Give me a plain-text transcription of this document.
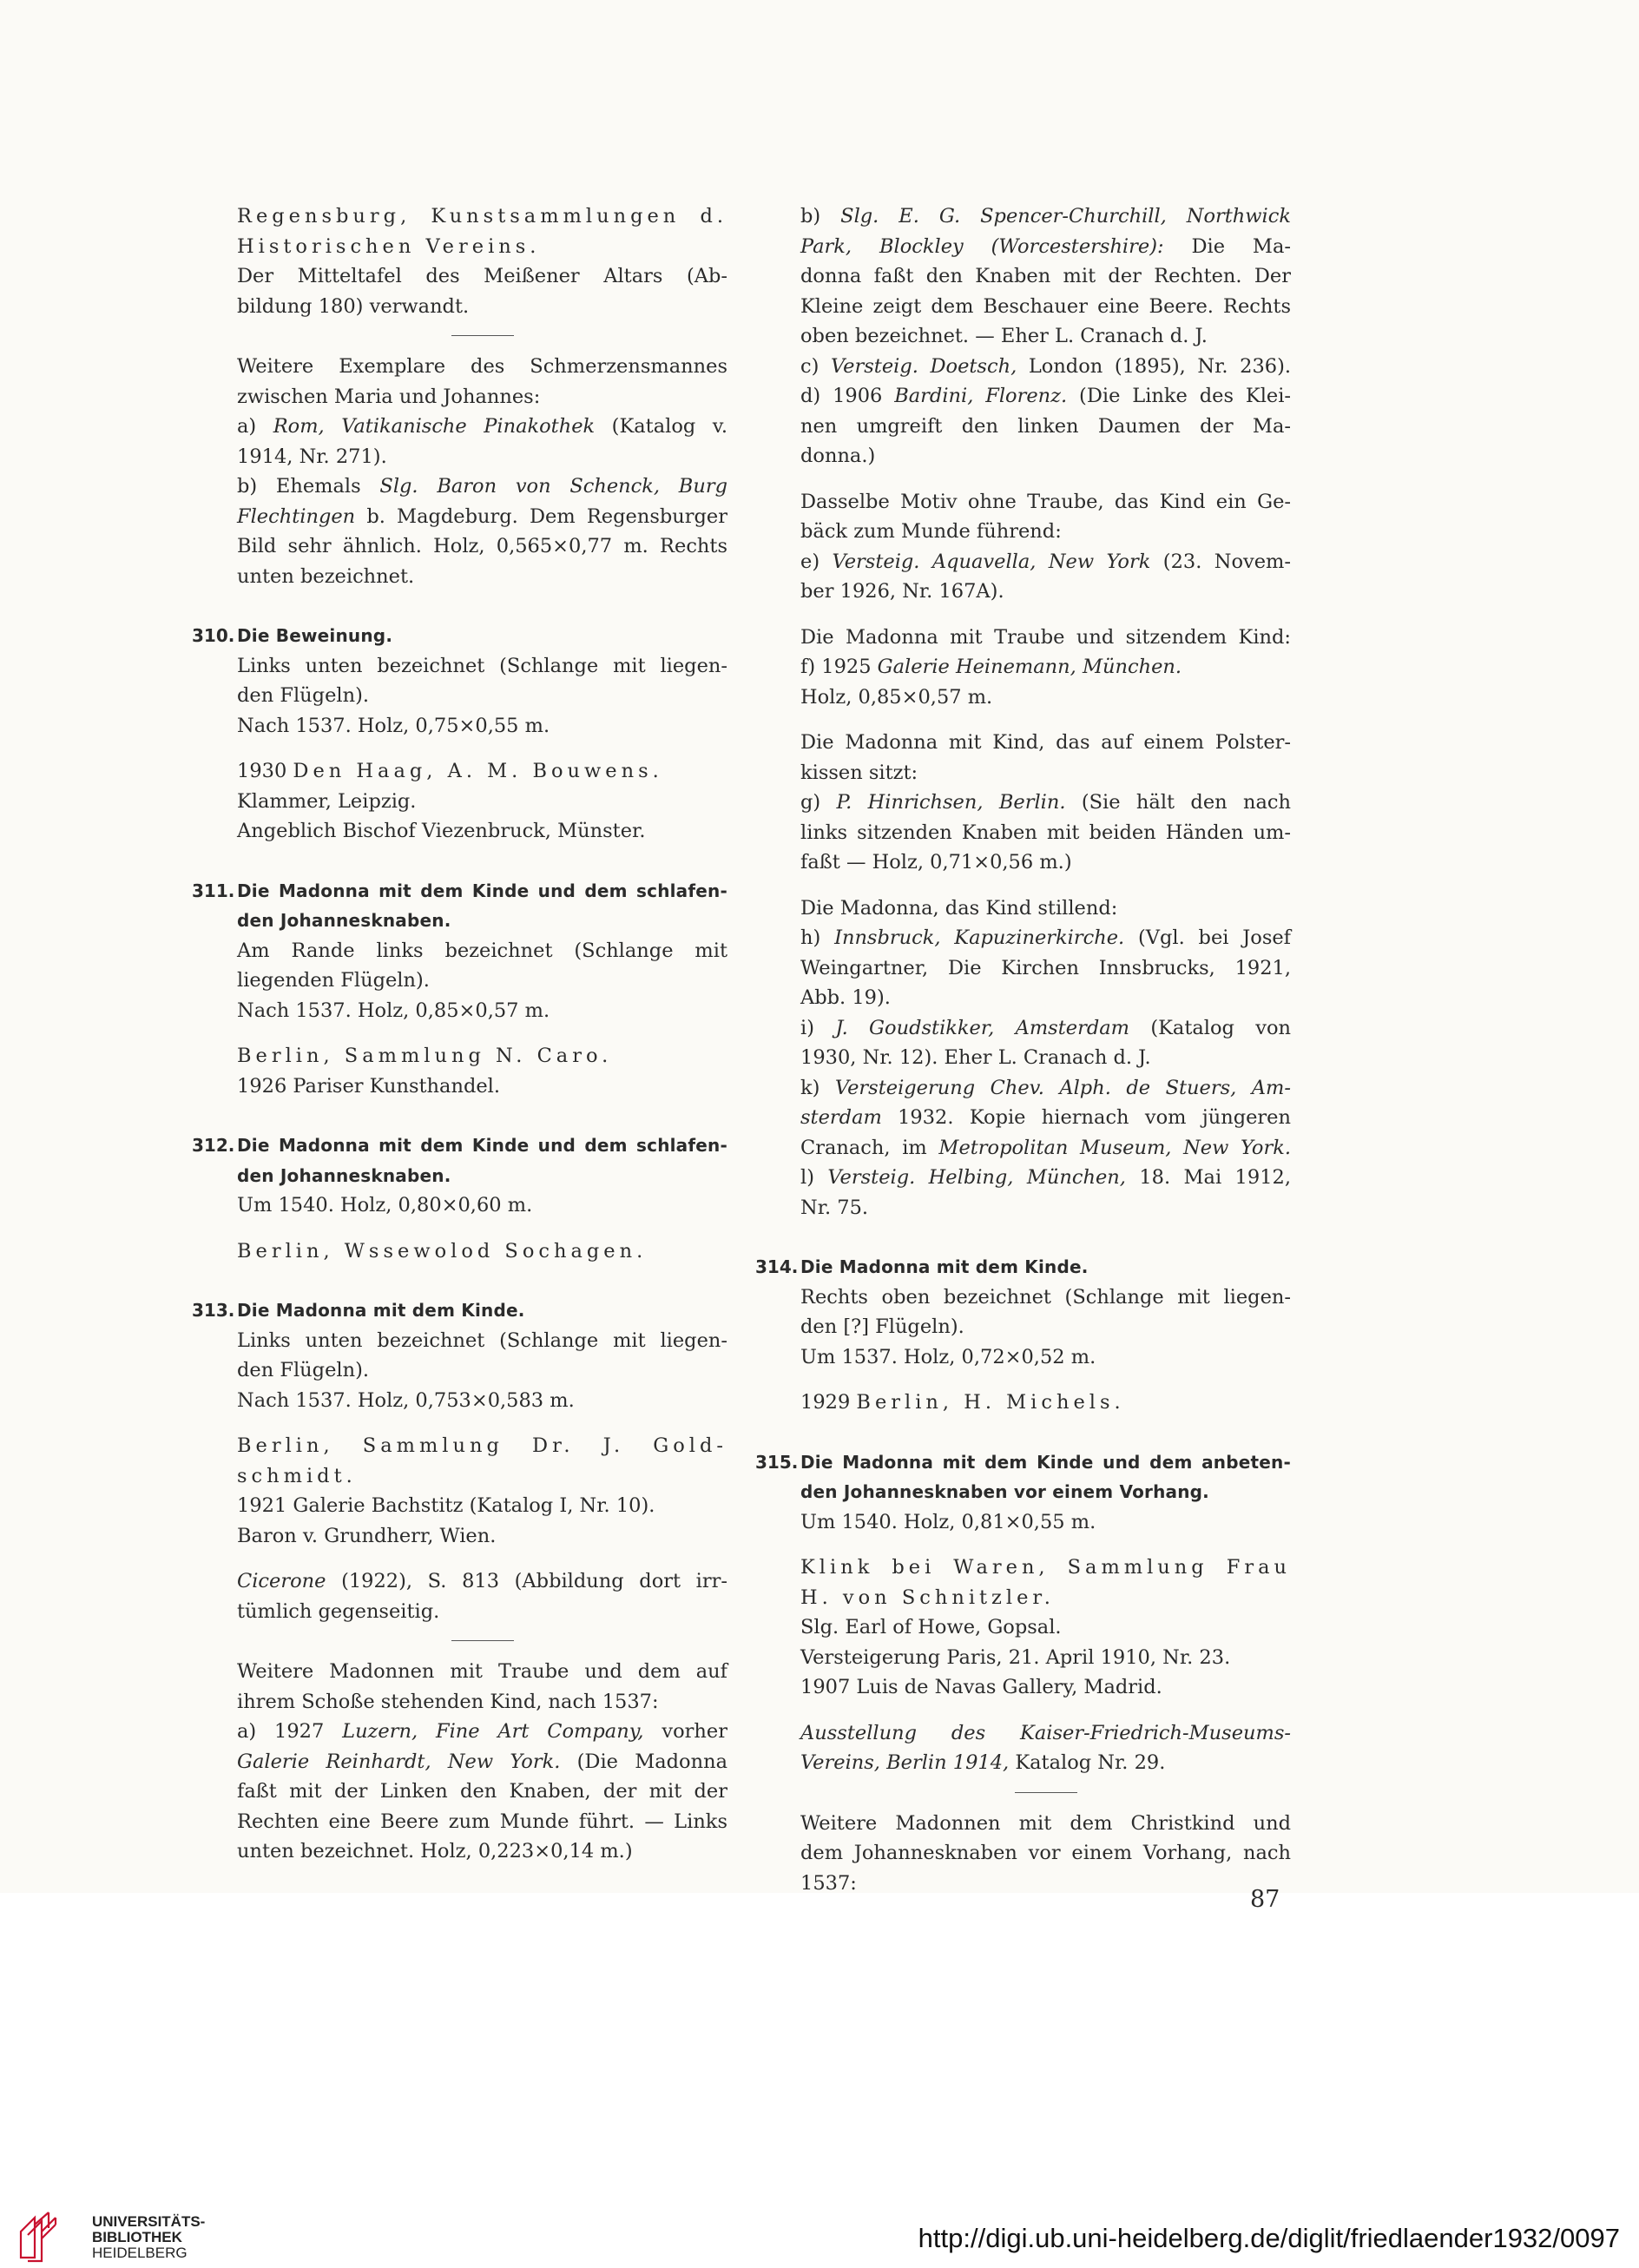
Regensburg, Kunstsammlungen d.
Historischen Vereins.
Der Mitteltafel des Meißener Altars (Ab-
bildung 180) verwandt.
Weitere Exemplare des Schmerzensmannes
zwischen Maria und Johannes:
a) Rom, Vatikanische Pinakothek (Katalog v.
1914, Nr. 271).
b) Ehemals Slg. Baron von Schenck, Burg
Flechtingen b. Magdeburg. Dem Regensburger
Bild sehr ähnlich. Holz, 0,565×0,77 m. Rechts
unten bezeichnet.
310. Die Beweinung.
Links unten bezeichnet (Schlange mit liegen-
den Flügeln).
Nach 1537. Holz, 0,75×0,55 m.
1930 Den Haag, A. M. Bouwens.
Klammer, Leipzig.
Angeblich Bischof Viezenbruck, Münster.
311. Die Madonna mit dem Kinde und dem schlafen-
den Johannesknaben.
Am Rande links bezeichnet (Schlange mit
liegenden Flügeln).
Nach 1537. Holz, 0,85×0,57 m.
Berlin, Sammlung N. Caro.
1926 Pariser Kunsthandel.
312. Die Madonna mit dem Kinde und dem schlafen-
den Johannesknaben.
Um 1540. Holz, 0,80×0,60 m.
Berlin, Wssewolod Sochagen.
313. Die Madonna mit dem Kinde.
Links unten bezeichnet (Schlange mit liegen-
den Flügeln).
Nach 1537. Holz, 0,753×0,583 m.
Berlin, Sammlung Dr. J. Gold-
schmidt.
1921 Galerie Bachstitz (Katalog I, Nr. 10).
Baron v. Grundherr, Wien.
Cicerone (1922), S. 813 (Abbildung dort irr-
tümlich gegenseitig.
Weitere Madonnen mit Traube und dem auf
ihrem Schoße stehenden Kind, nach 1537:
a) 1927 Luzern, Fine Art Company, vorher
Galerie Reinhardt, New York. (Die Madonna
faßt mit der Linken den Knaben, der mit der
Rechten eine Beere zum Munde führt. — Links
unten bezeichnet. Holz, 0,223×0,14 m.)
b) Slg. E. G. Spencer-Churchill, Northwick
Park, Blockley (Worcestershire): Die Ma-
donna faßt den Knaben mit der Rechten. Der
Kleine zeigt dem Beschauer eine Beere. Rechts
oben bezeichnet. — Eher L. Cranach d. J.
c) Versteig. Doetsch, London (1895), Nr. 236).
d) 1906 Bardini, Florenz. (Die Linke des Klei-
nen umgreift den linken Daumen der Ma-
donna.)
Dasselbe Motiv ohne Traube, das Kind ein Ge-
bäck zum Munde führend:
e) Versteig. Aquavella, New York (23. Novem-
ber 1926, Nr. 167A).
Die Madonna mit Traube und sitzendem Kind:
f) 1925 Galerie Heinemann, München.
Holz, 0,85×0,57 m.
Die Madonna mit Kind, das auf einem Polster-
kissen sitzt:
g) P. Hinrichsen, Berlin. (Sie hält den nach
links sitzenden Knaben mit beiden Händen um-
faßt — Holz, 0,71×0,56 m.)
Die Madonna, das Kind stillend:
h) Innsbruck, Kapuzinerkirche. (Vgl. bei Josef
Weingartner, Die Kirchen Innsbrucks, 1921,
Abb. 19).
i) J. Goudstikker, Amsterdam (Katalog von
1930, Nr. 12). Eher L. Cranach d. J.
k) Versteigerung Chev. Alph. de Stuers, Am-
sterdam 1932. Kopie hiernach vom jüngeren
Cranach, im Metropolitan Museum, New York.
l) Versteig. Helbing, München, 18. Mai 1912,
Nr. 75.
314. Die Madonna mit dem Kinde.
Rechts oben bezeichnet (Schlange mit liegen-
den [?] Flügeln).
Um 1537. Holz, 0,72×0,52 m.
1929 Berlin, H. Michels.
315. Die Madonna mit dem Kinde und dem anbeten-
den Johannesknaben vor einem Vorhang.
Um 1540. Holz, 0,81×0,55 m.
Klink bei Waren, Sammlung Frau
H. von Schnitzler.
Slg. Earl of Howe, Gopsal.
Versteigerung Paris, 21. April 1910, Nr. 23.
1907 Luis de Navas Gallery, Madrid.
Ausstellung des Kaiser-Friedrich-Museums-
Vereins, Berlin 1914, Katalog Nr. 29.
Weitere Madonnen mit dem Christkind und
dem Johannesknaben vor einem Vorhang, nach
1537:
87
UNIVERSITÄTS-
BIBLIOTHEK
HEIDELBERG	http://digi.ub.uni-heidelberg.de/diglit/friedlaender1932/0097
